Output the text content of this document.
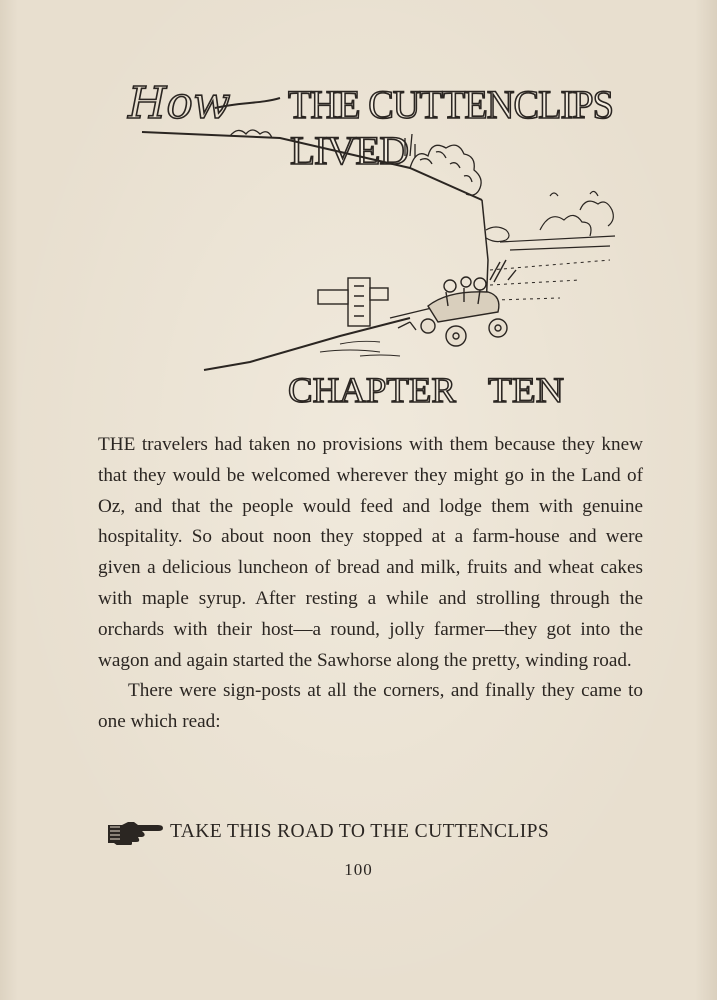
How THE CUTTENCLIPS
LIVED
CHAPTER TEN

THE travelers had taken no provisions with them because they knew that they would be welcomed wherever they might go in the Land of Oz, and that the people would feed and lodge them with genuine hospitality. So about noon they stopped at a farm-house and were given a delicious luncheon of bread and milk, fruits and wheat cakes with maple syrup. After resting a while and strolling through the orchards with their host—a round, jolly farmer—they got into the wagon and again started the Sawhorse along the pretty, winding road.

There were sign-posts at all the corners, and finally they came to one which read:

TAKE THIS ROAD TO THE CUTTENCLIPS
100
